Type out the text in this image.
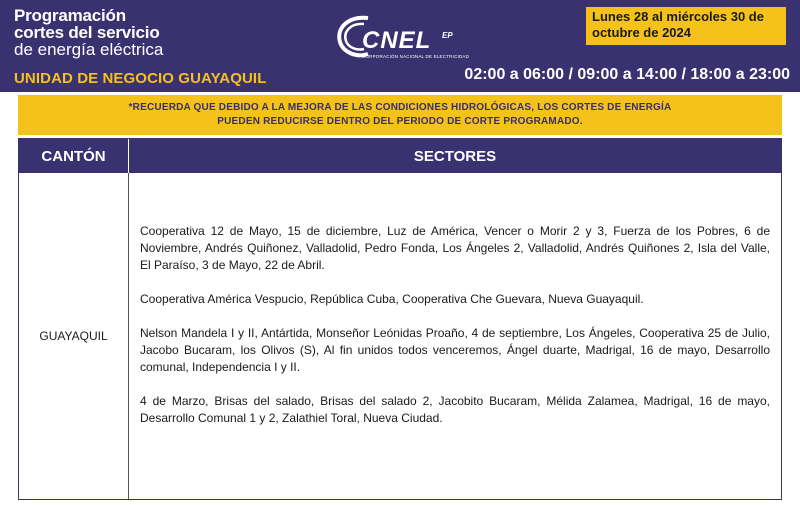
Programación
cortes del servicio
de energía eléctrica
UNIDAD DE NEGOCIO GUAYAQUIL
CNEL EP
CORPORACIÓN NACIONAL DE ELECTRICIDAD
Lunes 28 al miércoles 30 de octubre de 2024
02:00 a 06:00 / 09:00 a 14:00 / 18:00 a 23:00
*RECUERDA QUE DEBIDO A LA MEJORA DE LAS CONDICIONES HIDROLÓGICAS, LOS CORTES DE ENERGÍA
PUEDEN REDUCIRSE DENTRO DEL PERIODO DE CORTE PROGRAMADO.
CANTÓN	SECTORES
GUAYAQUIL

Cooperativa 12 de Mayo, 15 de diciembre, Luz de América, Vencer o Morir 2 y 3, Fuerza de los Pobres, 6 de Noviembre, Andrés Quiñonez, Valladolid, Pedro Fonda, Los Ángeles 2, Valladolid, Andrés Quiñones 2, Isla del Valle, El Paraíso, 3 de Mayo, 22 de Abril.

Cooperativa América Vespucio, República Cuba, Cooperativa Che Guevara, Nueva Guayaquil.

Nelson Mandela I y II, Antártida, Monseñor Leónidas Proaño, 4 de septiembre, Los Ángeles, Cooperativa 25 de Julio, Jacobo Bucaram, los Olivos (S), Al fin unidos todos venceremos, Ángel duarte, Madrigal, 16 de mayo, Desarrollo comunal, Independencia I y II.

4 de Marzo, Brisas del salado, Brisas del salado 2, Jacobito Bucaram, Mélida Zalamea, Madrigal, 16 de mayo, Desarrollo Comunal 1 y 2, Zalathiel Toral, Nueva Ciudad.
